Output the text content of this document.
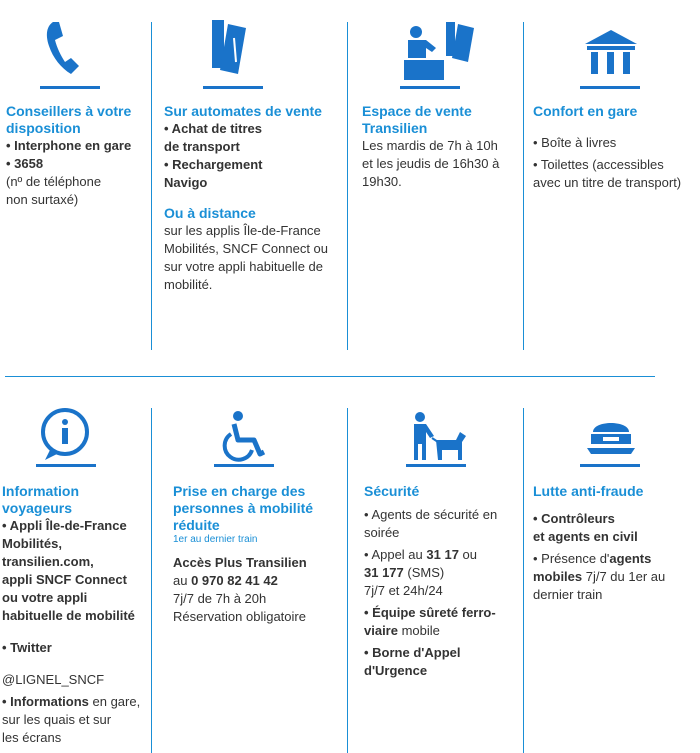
Conseillers à votre disposition

• Interphone en gare

• 3658

(nº de téléphone

non surtaxé)

Sur automates de vente

• Achat de titres

de transport

• Rechargement

Navigo

Ou à distance

sur les applis Île-de-France

Mobilités, SNCF Connect ou

sur votre appli habituelle de

mobilité.

Espace de vente Transilien

Les mardis de 7h à 10h

et les jeudis de 16h30 à

19h30.

Confort en gare

• Boîte à livres

• Toilettes (accessibles

avec un titre de transport)

Information voyageurs

• Appli Île-de-France

Mobilités,

transilien.com,

appli SNCF Connect

ou votre appli

habituelle de mobilité

• Twitter

@LIGNEL_SNCF

• Informations en gare,

sur les quais et sur

les écrans

Prise en charge des personnes à mobilité réduite

1er au dernier train

Accès Plus Transilien

au 0 970 82 41 42

7j/7 de 7h à 20h

Réservation obligatoire

Sécurité

• Agents de sécurité en

soirée

• Appel au 31 17 ou

31 177 (SMS)

7j/7 et 24h/24

• Équipe sûreté ferro-

viaire mobile

• Borne d'Appel

d'Urgence

Lutte anti-fraude

• Contrôleurs

et agents en civil

• Présence d'agents

mobiles 7j/7 du 1er au

dernier train
